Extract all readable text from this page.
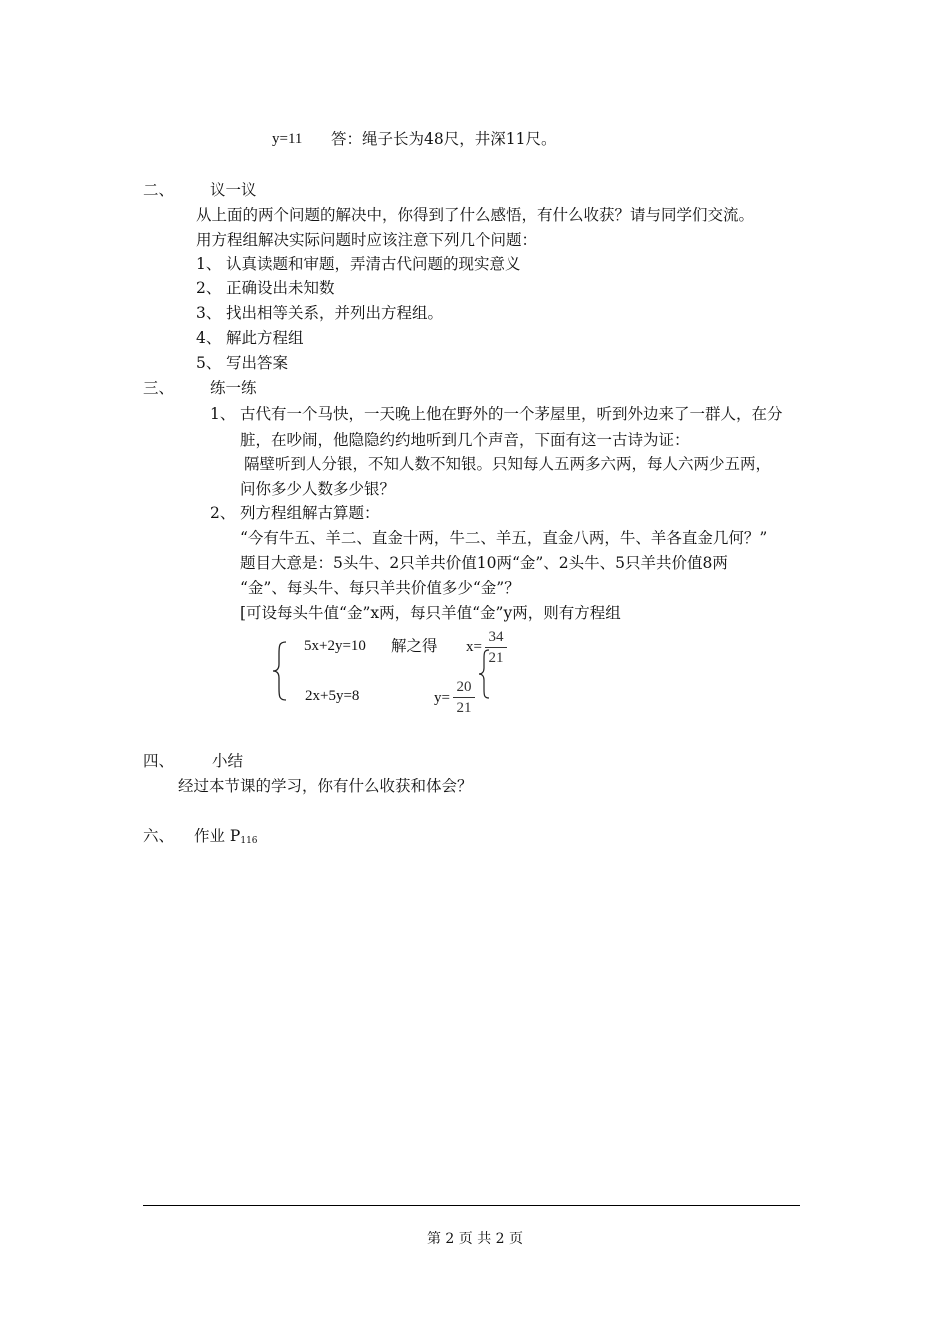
y=11 答：绳子长为48尺，井深11尺。
二、 议一议
从上面的两个问题的解决中，你得到了什么感悟，有什么收获？请与同学们交流。
用方程组解决实际问题时应该注意下列几个问题：
1、 认真读题和审题，弄清古代问题的现实意义
2、 正确设出未知数
3、 找出相等关系，并列出方程组。
4、 解此方程组
5、 写出答案
三、 练一练
1、 古代有一个马快，一天晚上他在野外的一个茅屋里，听到外边来了一群人，在分
脏，在吵闹，他隐隐约约地听到几个声音，下面有这一古诗为证：
隔壁听到人分银，不知人数不知银。只知每人五两多六两，每人六两少五两，
问你多少人数多少银？
2、 列方程组解古算题：
“今有牛五、羊二、直金十两，牛二、羊五，直金八两，牛、羊各直金几何？”
题目大意是：5头牛、2只羊共价值10两“金”、2头牛、5只羊共价值8两
“金”、每头牛、每只羊共价值多少“金”？
[可设每头牛值“金”x两，每只羊值“金”y两，则有方程组
5x+2y=10 解之得
2x+5y=8
x=
34
21
y=
20
21
四、 小结
经过本节课的学习，你有什么收获和体会？
六、 作业 $P_{116}$
第 2 页 共 2 页
